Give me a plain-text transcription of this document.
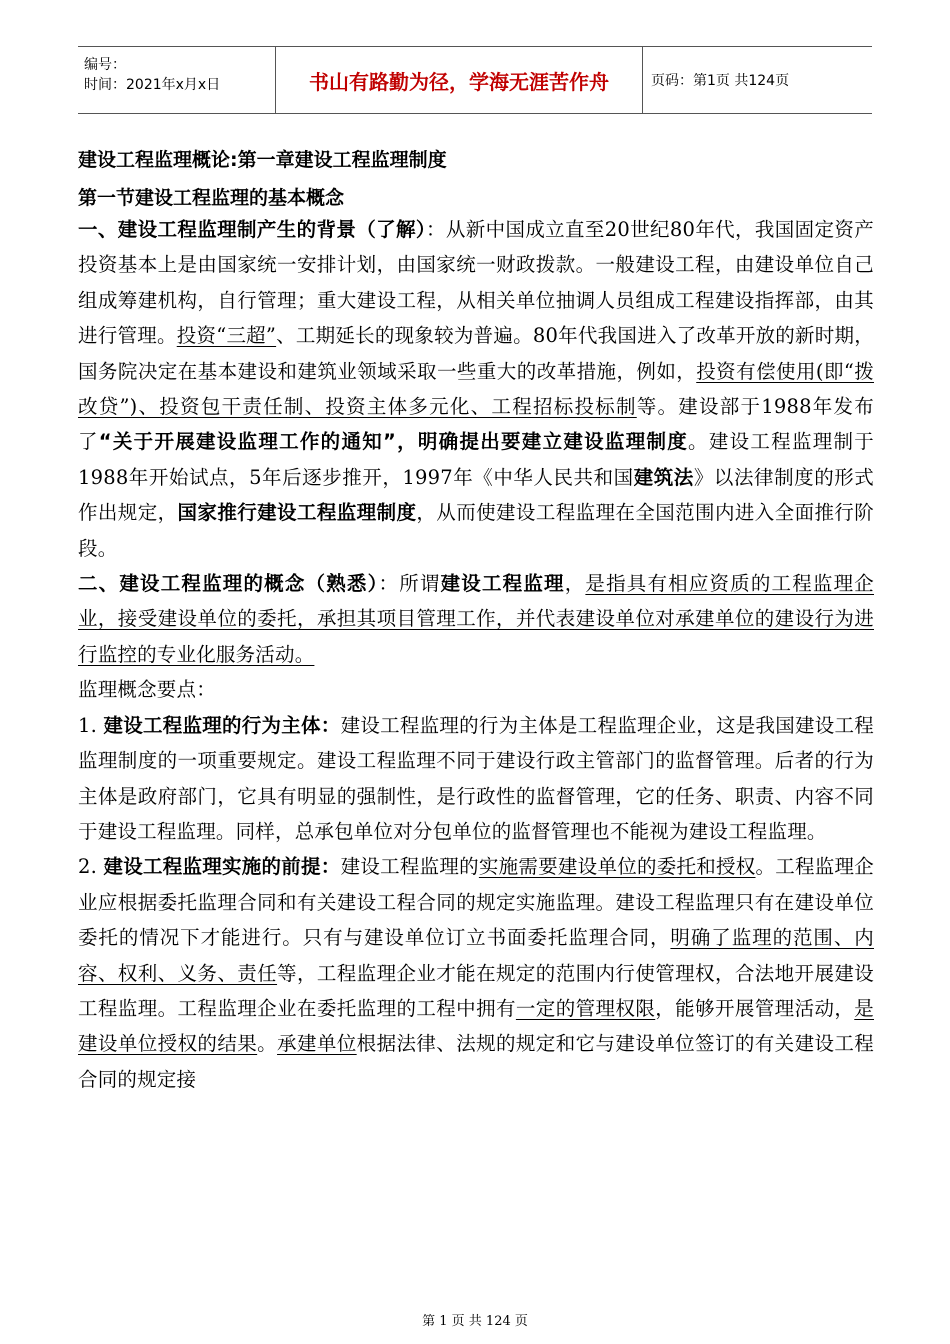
编号：
时间：2021年x月x日	书山有路勤为径，学海无涯苦作舟	页码：第1页 共124页

建设工程监理概论:第一章建设工程监理制度

第一节建设工程监理的基本概念

一、建设工程监理制产生的背景（了解）：从新中国成立直至20世纪80年代，我国固定资产投资基本上是由国家统一安排计划，由国家统一财政拨款。一般建设工程，由建设单位自己组成筹建机构，自行管理；重大建设工程，从相关单位抽调人员组成工程建设指挥部，由其进行管理。投资“三超”、工期延长的现象较为普遍。80年代我国进入了改革开放的新时期，国务院决定在基本建设和建筑业领域采取一些重大的改革措施，例如，投资有偿使用(即“拨改贷”)、投资包干责任制、投资主体多元化、工程招标投标制等。建设部于1988年发布了“关于开展建设监理工作的通知”，明确提出要建立建设监理制度。建设工程监理制于1988年开始试点，5年后逐步推开，1997年《中华人民共和国建筑法》以法律制度的形式作出规定，国家推行建设工程监理制度，从而使建设工程监理在全国范围内进入全面推行阶段。

二、建设工程监理的概念（熟悉）：所谓建设工程监理，是指具有相应资质的工程监理企业，接受建设单位的委托，承担其项目管理工作，并代表建设单位对承建单位的建设行为进行监控的专业化服务活动。

监理概念要点：

1. 建设工程监理的行为主体：建设工程监理的行为主体是工程监理企业，这是我国建设工程监理制度的一项重要规定。建设工程监理不同于建设行政主管部门的监督管理。后者的行为主体是政府部门，它具有明显的强制性，是行政性的监督管理，它的任务、职责、内容不同于建设工程监理。同样，总承包单位对分包单位的监督管理也不能视为建设工程监理。

2. 建设工程监理实施的前提：建设工程监理的实施需要建设单位的委托和授权。工程监理企业应根据委托监理合同和有关建设工程合同的规定实施监理。建设工程监理只有在建设单位委托的情况下才能进行。只有与建设单位订立书面委托监理合同，明确了监理的范围、内容、权利、义务、责任等，工程监理企业才能在规定的范围内行使管理权，合法地开展建设工程监理。工程监理企业在委托监理的工程中拥有一定的管理权限，能够开展管理活动，是建设单位授权的结果。承建单位根据法律、法规的规定和它与建设单位签订的有关建设工程合同的规定接

第 1 页 共 124 页
